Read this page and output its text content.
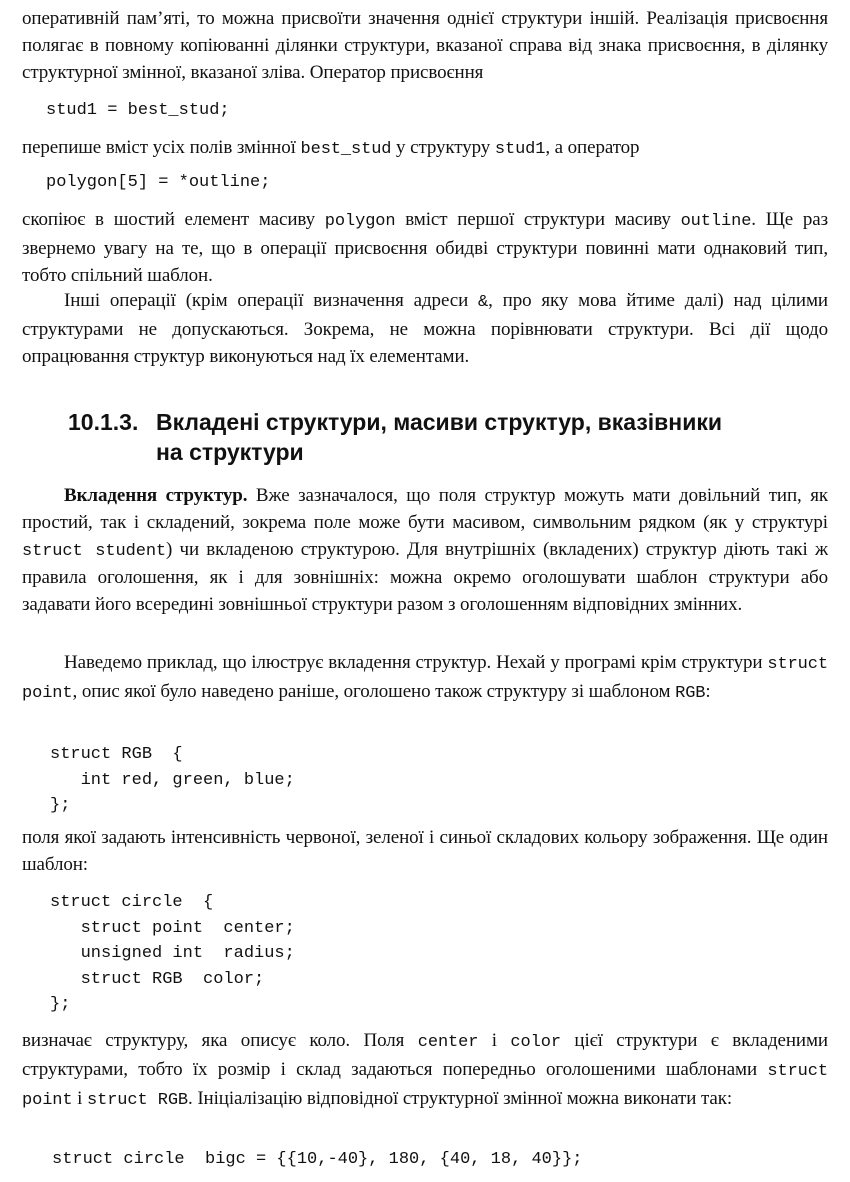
оперативній пам’яті, то можна присвоїти значення однієї структури іншій. Реалізація присвоєння полягає в повному копіюванні ділянки структури, вказаної справа від знака присвоєння, в ділянку структурної змінної, вказаної зліва. Оператор присвоєння

stud1 = best_stud;

перепише вміст усіх полів змінної best_stud у структуру stud1, а оператор

polygon[5] = *outline;

скопіює в шостий елемент масиву polygon вміст першої структури масиву outline. Ще раз звернемо увагу на те, що в операції присвоєння обидві структури повинні мати однаковий тип, тобто спільний шаблон.

Інші операції (крім операції визначення адреси &, про яку мова йтиме далі) над цілими структурами не допускаються. Зокрема, не можна порівнювати структури. Всі дії щодо опрацювання структур виконуються над їх елементами.

10.1.3. Вкладені структури, масиви структур, вказівники
на структури

Вкладення структур. Вже зазначалося, що поля структур можуть мати довільний тип, як простий, так і складений, зокрема поле може бути масивом, символьним рядком (як у структурі struct student) чи вкладеною структурою. Для внутрішніх (вкладених) структур діють такі ж правила оголошення, як і для зовнішніх: можна окремо оголошувати шаблон структури або задавати його всередині зовнішньої структури разом з оголошенням відповідних змінних.

Наведемо приклад, що ілюструє вкладення структур. Нехай у програмі крім структури struct point, опис якої було наведено раніше, оголошено також структуру зі шаблоном RGB:

struct RGB  {
int red, green, blue;
};

поля якої задають інтенсивність червоної, зеленої і синьої складових кольору зображення. Ще один шаблон:

struct circle  {
struct point  center;
unsigned int  radius;
struct RGB  color;
};

визначає структуру, яка описує коло. Поля center і color цієї структури є вкладеними структурами, тобто їх розмір і склад задаються попередньо оголошеними шаблонами struct point і struct RGB. Ініціалізацію відповідної структурної змінної можна виконати так:

struct circle  bigc = {{10,-40}, 180, {40, 18, 40}};
